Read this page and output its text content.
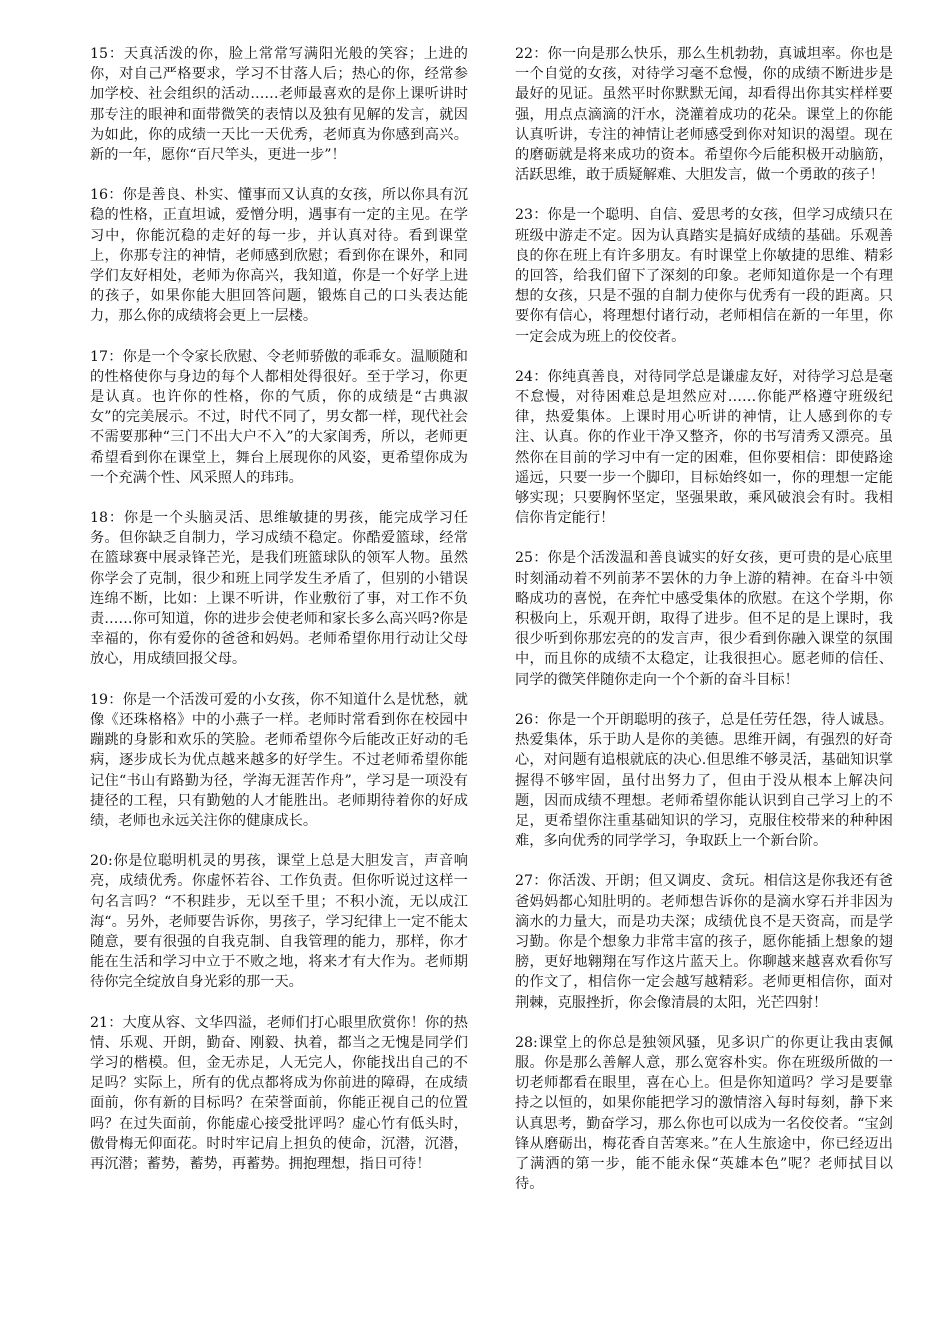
15：天真活泼的你，脸上常常写满阳光般的笑容；上进的你，对自己严格要求，学习不甘落人后；热心的你，经常参加学校、社会组织的活动……老师最喜欢的是你上课听讲时那专注的眼神和面带微笑的表情以及独有见解的发言，就因为如此，你的成绩一天比一天优秀，老师真为你感到高兴。新的一年，愿你“百尺竿头，更进一步”！

16：你是善良、朴实、懂事而又认真的女孩，所以你具有沉稳的性格，正直坦诚，爱憎分明，遇事有一定的主见。在学习中，你能沉稳的走好的每一步，并认真对待。看到课堂上，你那专注的神情，老师感到欣慰；看到你在课外，和同学们友好相处，老师为你高兴，我知道，你是一个好学上进的孩子，如果你能大胆回答问题，锻炼自己的口头表达能力，那么你的成绩将会更上一层楼。

17：你是一个令家长欣慰、令老师骄傲的乖乖女。温顺随和的性格使你与身边的每个人都相处得很好。至于学习，你更是认真。也许你的性格，你的气质，你的成绩是“古典淑女”的完美展示。不过，时代不同了，男女都一样，现代社会不需要那种“三门不出大户不入”的大家闺秀，所以，老师更希望看到你在课堂上，舞台上展现你的风姿，更希望你成为一个充满个性、风采照人的玮玮。

18：你是一个头脑灵活、思维敏捷的男孩，能完成学习任务。但你缺乏自制力，学习成绩不稳定。你酷爱篮球，经常在篮球赛中展录锋芒光，是我们班篮球队的领军人物。虽然你学会了克制，很少和班上同学发生矛盾了，但别的小错误连绵不断，比如：上课不听讲，作业敷衍了事，对工作不负责……你可知道，你的进步会使老师和家长多么高兴吗?你是幸福的，你有爱你的爸爸和妈妈。老师希望你用行动让父母放心，用成绩回报父母。

19：你是一个活泼可爱的小女孩，你不知道什么是忧愁，就像《还珠格格》中的小燕子一样。老师时常看到你在校园中蹦跳的身影和欢乐的笑脸。老师希望你今后能改正好动的毛病，逐步成长为优点越来越多的好学生。不过老师希望你能记住“书山有路勤为径，学海无涯苦作舟”，学习是一项没有捷径的工程，只有勤勉的人才能胜出。老师期待着你的好成绩，老师也永远关注你的健康成长。

20:你是位聪明机灵的男孩，课堂上总是大胆发言，声音响亮，成绩优秀。你虚怀若谷、工作负责。但你听说过这样一句名言吗？“不积跬步，无以至千里；不积小流，无以成江海“。另外，老师要告诉你，男孩子，学习纪律上一定不能太随意，要有很强的自我克制、自我管理的能力，那样，你才能在生活和学习中立于不败之地，将来才有大作为。老师期待你完全绽放自身光彩的那一天。

21：大度从容、文华四溢，老师们打心眼里欣赏你！你的热情、乐观、开朗，勤奋、刚毅、执着，都当之无愧是同学们学习的楷模。但，金无赤足，人无完人，你能找出自己的不足吗？实际上，所有的优点都将成为你前进的障碍，在成绩面前，你有新的目标吗？在荣誉面前，你能正视自己的位置吗？在过失面前，你能虚心接受批评吗？虚心竹有低头时，傲骨梅无仰面花。时时牢记肩上担负的使命，沉潜，沉潜，再沉潜；蓄势，蓄势，再蓄势。拥抱理想，指日可待！

22：你一向是那么快乐，那么生机勃勃，真诚坦率。你也是一个自觉的女孩，对待学习毫不怠慢，你的成绩不断进步是最好的见证。虽然平时你默默无闻，却看得出你其实样样要强，用点点滴滴的汗水，浇灌着成功的花朵。课堂上的你能认真听讲，专注的神情让老师感受到你对知识的渴望。现在的磨砺就是将来成功的资本。希望你今后能积极开动脑筋，活跃思维，敢于质疑解难、大胆发言，做一个勇敢的孩子！

23：你是一个聪明、自信、爱思考的女孩，但学习成绩只在班级中游走不定。因为认真踏实是搞好成绩的基础。乐观善良的你在班上有许多朋友。有时课堂上你敏捷的思维、精彩的回答，给我们留下了深刻的印象。老师知道你是一个有理想的女孩，只是不强的自制力使你与优秀有一段的距离。只要你有信心，将理想付诸行动，老师相信在新的一年里，你一定会成为班上的佼佼者。

24：你纯真善良，对待同学总是谦虚友好，对待学习总是毫不怠慢，对待困难总是坦然应对……你能严格遵守班级纪律，热爱集体。上课时用心听讲的神情，让人感到你的专注、认真。你的作业干净又整齐，你的书写清秀又漂亮。虽然你在目前的学习中有一定的困难，但你要相信：即使路途遥远，只要一步一个脚印，目标始终如一，你的理想一定能够实现；只要胸怀坚定，坚强果敢，乘风破浪会有时。我相信你肯定能行！

25：你是个活泼温和善良诚实的好女孩，更可贵的是心底里时刻涌动着不列前茅不罢休的力争上游的精神。在奋斗中领略成功的喜悦，在奔忙中感受集体的欣慰。在这个学期，你积极向上，乐观开朗，取得了进步。但不足的是上课时，我很少听到你那宏亮的的发言声，很少看到你融入课堂的氛围中，而且你的成绩不太稳定，让我很担心。愿老师的信任、同学的微笑伴随你走向一个个新的奋斗目标！

26：你是一个开朗聪明的孩子，总是任劳任怨，待人诚恳。热爱集体，乐于助人是你的美德。思维开阔，有强烈的好奇心，对问题有追根就底的决心.但思维不够灵活，基础知识掌握得不够牢固，虽付出努力了，但由于没从根本上解决问题，因而成绩不理想。老师希望你能认识到自己学习上的不足，更希望你注重基础知识的学习，克服住校带来的种种困难，多向优秀的同学学习，争取跃上一个新台阶。

27：你活泼、开朗；但又调皮、贪玩。相信这是你我还有爸爸妈妈都心知肚明的。老师想告诉你的是滴水穿石并非因为滴水的力量大，而是功夫深；成绩优良不是天资高，而是学习勤。你是个想象力非常丰富的孩子，愿你能插上想象的翅膀，更好地翱翔在写作这片蓝天上。你聊越来越喜欢看你写的作文了，相信你一定会越写越精彩。老师更相信你，面对荆棘，克服挫折，你会像清晨的太阳，光芒四射！

28:课堂上的你总是独领风骚，见多识广的你更让我由衷佩服。你是那么善解人意，那么宽容朴实。你在班级所做的一切老师都看在眼里，喜在心上。但是你知道吗？学习是要靠持之以恒的，如果你能把学习的激情溶入每时每刻，静下来认真思考，勤奋学习，那么你也可以成为一名佼佼者。“宝剑锋从磨砺出，梅花香自苦寒来。”在人生旅途中，你已经迈出了满洒的第一步，能不能永保“英雄本色”呢？老师拭目以待。
